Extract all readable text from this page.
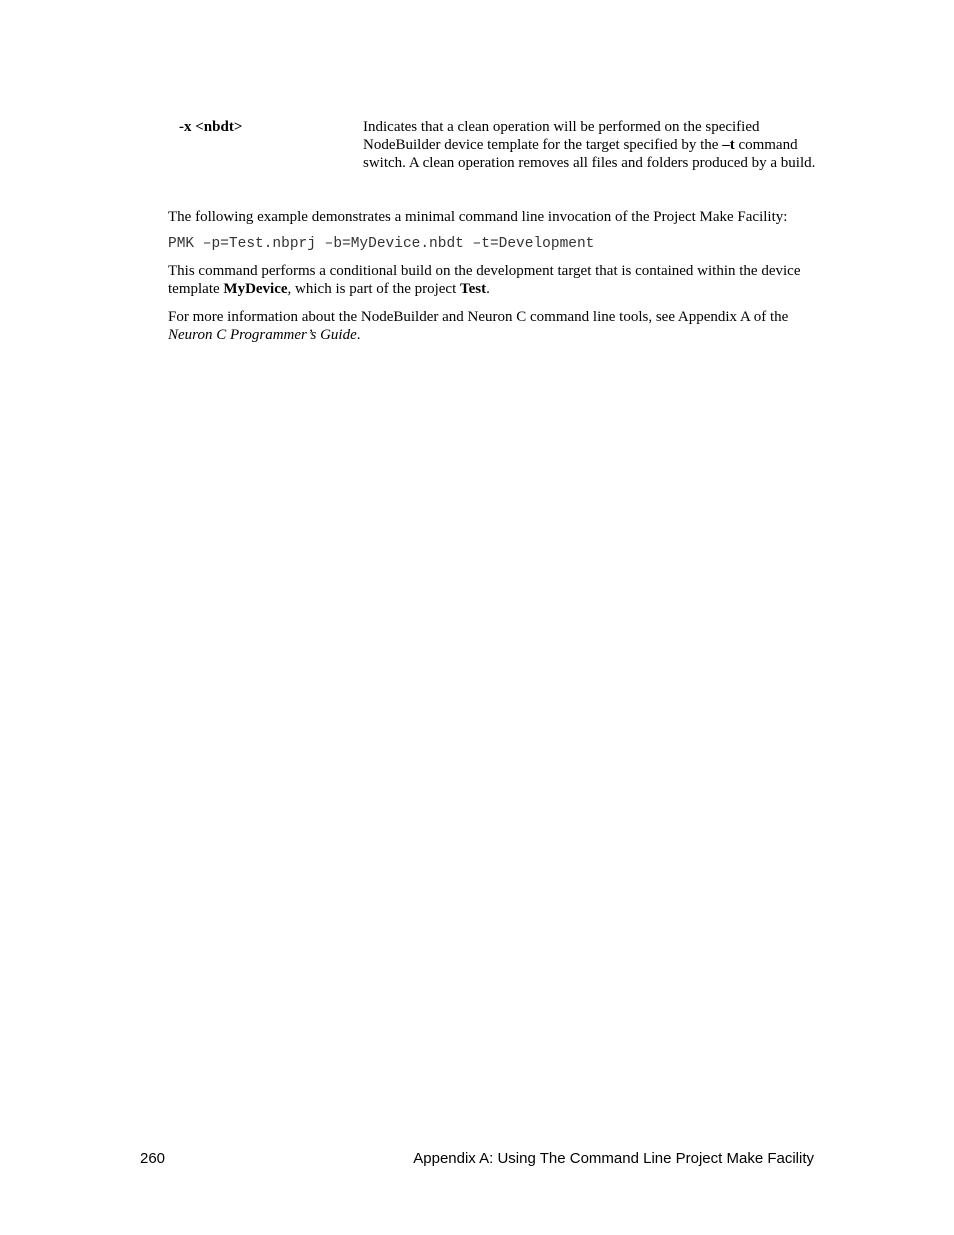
-x <nbdt>	Indicates that a clean operation will be performed on the specified NodeBuilder device template for the target specified by the –t command switch. A clean operation removes all files and folders produced by a build.

The following example demonstrates a minimal command line invocation of the Project Make Facility:

PMK –p=Test.nbprj –b=MyDevice.nbdt –t=Development

This command performs a conditional build on the development target that is contained within the device template MyDevice, which is part of the project Test.

For more information about the NodeBuilder and Neuron C command line tools, see Appendix A of the Neuron C Programmer’s Guide.

260	Appendix A: Using The Command Line Project Make Facility
